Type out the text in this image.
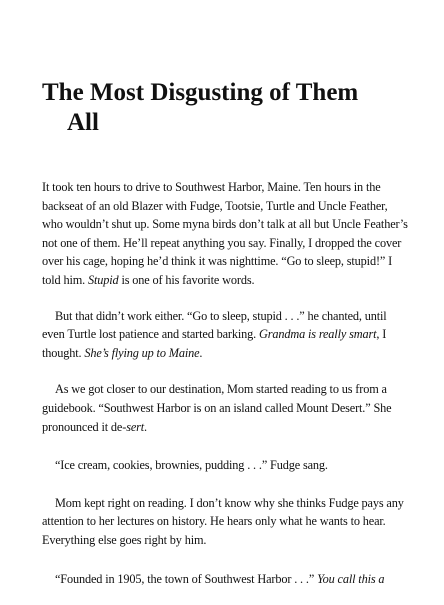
The Most Disgusting of Them
All

It took ten hours to drive to Southwest Harbor, Maine. Ten hours in the backseat of an old Blazer with Fudge, Tootsie, Turtle and Uncle Feather, who wouldn’t shut up. Some myna birds don’t talk at all but Uncle Feather’s not one of them. He’ll repeat anything you say. Finally, I dropped the cover over his cage, hoping he’d think it was nighttime. “Go to sleep, stupid!” I told him. Stupid is one of his favorite words.

But that didn’t work either. “Go to sleep, stupid . . .” he chanted, until even Turtle lost patience and started barking. Grandma is really smart, I thought. She’s flying up to Maine.

As we got closer to our destination, Mom started reading to us from a guidebook. “Southwest Harbor is on an island called Mount Desert.” She pronounced it de-sert.

“Ice cream, cookies, brownies, pudding . . .” Fudge sang.

Mom kept right on reading. I don’t know why she thinks Fudge pays any attention to her lectures on history. He hears only what he wants to hear. Everything else goes right by him.

“Founded in 1905, the town of Southwest Harbor . . .” You call this a
